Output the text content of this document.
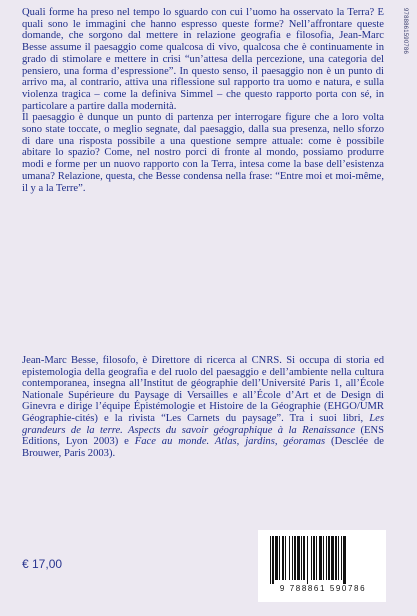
9788861590786

Quali forme ha preso nel tempo lo sguardo con cui l’uomo ha osservato la Terra? E quali sono le immagini che hanno espresso queste forme? Nell’affrontare queste domande, che sorgono dal mettere in relazione geografia e filosofia, Jean-Marc Besse assume il paesaggio come qualcosa di vivo, qualcosa che è continuamente in grado di stimolare e mettere in crisi “un’attesa della percezione, una categoria del pensiero, una forma d’espressione”. In questo senso, il paesaggio non è un punto di arrivo ma, al contrario, attiva una riflessione sul rapporto tra uomo e natura, e sulla violenza tragica – come la definiva Simmel – che questo rapporto porta con sé, in particolare a partire dalla modernità.

Il paesaggio è dunque un punto di partenza per interrogare figure che a loro volta sono state toccate, o meglio segnate, dal paesaggio, dalla sua presenza, nello sforzo di dare una risposta possibile a una questione sempre attuale: come è possibile abitare lo spazio? Come, nel nostro porci di fronte al mondo, possiamo produrre modi e forme per un nuovo rapporto con la Terra, intesa come la base dell’esistenza umana? Relazione, questa, che Besse condensa nella frase: “Entre moi et moi-même, il y a la Terre”.

Jean-Marc Besse, filosofo, è Direttore di ricerca al CNRS. Si occupa di storia ed epistemologia della geografia e del ruolo del paesaggio e dell’ambiente nella cultura contemporanea, insegna all’Institut de géographie dell’Université Paris 1, all’École Nationale Supérieure du Paysage di Versailles e all’École d’Art et de Design di Ginevra e dirige l’équipe Épistémologie et Histoire de la Géographie (EHGO/UMR Géographie-cités) e la rivista “Les Carnets du paysage”. Tra i suoi libri, Les grandeurs de la terre. Aspects du savoir géographique à la Renaissance (ENS Editions, Lyon 2003) e Face au monde. Atlas, jardins, géoramas (Desclée de Brouwer, Paris 2003).

€ 17,00
9 788861 590786
